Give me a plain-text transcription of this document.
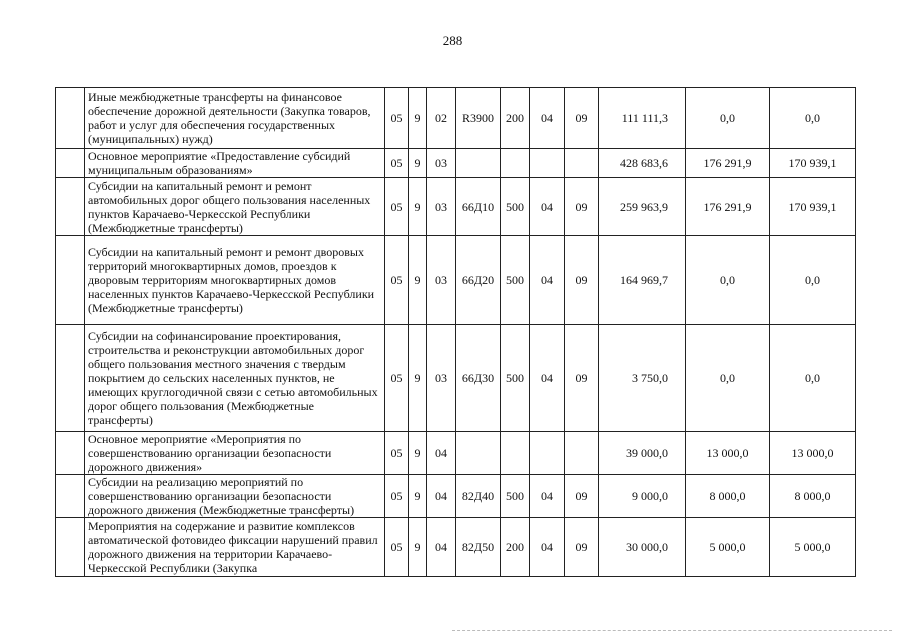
288
	Иные межбюджетные трансферты на финансовое обеспечение дорожной деятельности (Закупка товаров, работ и услуг для обеспечения государственных (муниципальных) нужд)	05	9	02	R3900	200	04	09	111 111,3	0,0	0,0
	Основное мероприятие «Предоставление субсидий муниципальным образованиям»	05	9	03					428 683,6	176 291,9	170 939,1
	Субсидии на капитальный ремонт и ремонт автомобильных дорог общего пользования населенных пунктов Карачаево-Черкесской Республики (Межбюджетные трансферты)	05	9	03	66Д10	500	04	09	259 963,9	176 291,9	170 939,1
	Субсидии на капитальный ремонт и ремонт дворовых территорий многоквартирных домов, проездов к дворовым территориям многоквартирных домов населенных пунктов Карачаево-Черкесской Республики (Межбюджетные трансферты)	05	9	03	66Д20	500	04	09	164 969,7	0,0	0,0
	Субсидии на софинансирование проектирования, строительства и реконструкции автомобильных дорог общего пользования местного значения с твердым покрытием до сельских населенных пунктов, не имеющих круглогодичной связи с сетью автомобильных дорог общего пользования (Межбюджетные трансферты)	05	9	03	66Д30	500	04	09	3 750,0	0,0	0,0
	Основное мероприятие «Мероприятия по совершенствованию организации безопасности дорожного движения»	05	9	04					39 000,0	13 000,0	13 000,0
	Субсидии на реализацию мероприятий по совершенствованию организации безопасности дорожного движения (Межбюджетные трансферты)	05	9	04	82Д40	500	04	09	9 000,0	8 000,0	8 000,0
	Мероприятия на содержание и развитие комплексов автоматической фотовидео фиксации нарушений правил дорожного движения на территории Карачаево-Черкесской Республики (Закупка	05	9	04	82Д50	200	04	09	30 000,0	5 000,0	5 000,0
